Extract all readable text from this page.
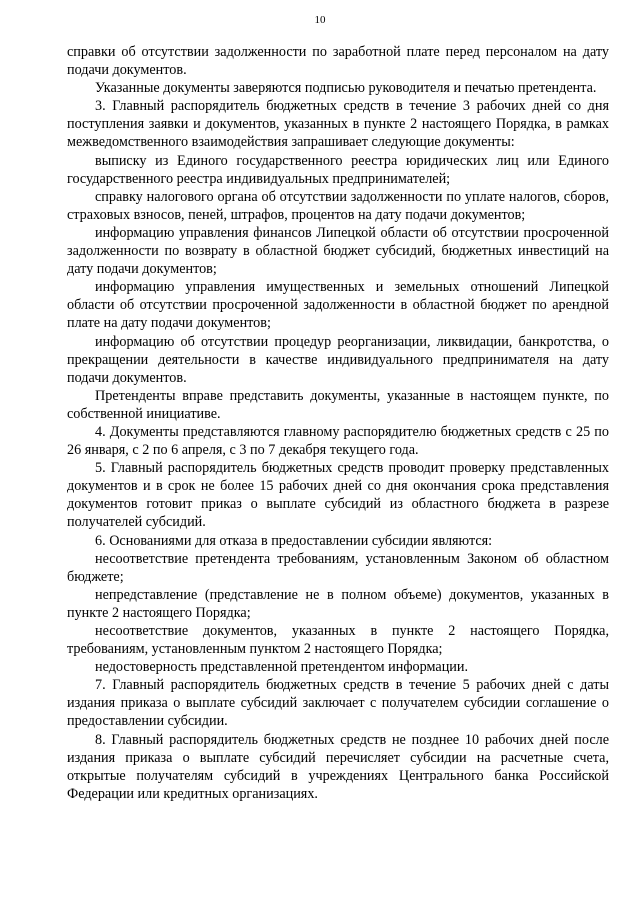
10

справки об отсутствии задолженности по заработной плате перед персоналом на дату подачи документов.

Указанные документы заверяются подписью руководителя и печатью претендента.

3. Главный распорядитель бюджетных средств в течение 3 рабочих дней со дня поступления заявки и документов, указанных в пункте 2 настоящего Порядка, в рамках межведомственного взаимодействия запрашивает следующие документы:

выписку из Единого государственного реестра юридических лиц или Единого государственного реестра индивидуальных предпринимателей;

справку налогового органа об отсутствии задолженности по уплате налогов, сборов, страховых взносов, пеней, штрафов, процентов на дату подачи документов;

информацию управления финансов Липецкой области об отсутствии просроченной задолженности по возврату в областной бюджет субсидий, бюджетных инвестиций на дату подачи документов;

информацию управления имущественных и земельных отношений Липецкой области об отсутствии просроченной задолженности в областной бюджет по арендной плате на дату подачи документов;

информацию об отсутствии процедур реорганизации, ликвидации, банкротства, о прекращении деятельности в качестве индивидуального предпринимателя на дату подачи документов.

Претенденты вправе представить документы, указанные в настоящем пункте, по собственной инициативе.

4. Документы представляются главному распорядителю бюджетных средств с 25 по 26 января, с 2 по 6 апреля, с 3 по 7 декабря текущего года.

5. Главный распорядитель бюджетных средств проводит проверку представленных документов и в срок не более 15 рабочих дней со дня окончания срока представления документов готовит приказ о выплате субсидий из областного бюджета в разрезе получателей субсидий.

6. Основаниями для отказа в предоставлении субсидии являются:

несоответствие претендента требованиям, установленным Законом об областном бюджете;

непредставление (представление не в полном объеме) документов, указанных в пункте 2 настоящего Порядка;

несоответствие документов, указанных в пункте 2 настоящего Порядка, требованиям, установленным пунктом 2 настоящего Порядка;

недостоверность представленной претендентом информации.

7. Главный распорядитель бюджетных средств в течение 5 рабочих дней с даты издания приказа о выплате субсидий заключает с получателем субсидии соглашение о предоставлении субсидии.

8. Главный распорядитель бюджетных средств не позднее 10 рабочих дней после издания приказа о выплате субсидий перечисляет субсидии на расчетные счета, открытые получателям субсидий в учреждениях Центрального банка Российской Федерации или кредитных организациях.
